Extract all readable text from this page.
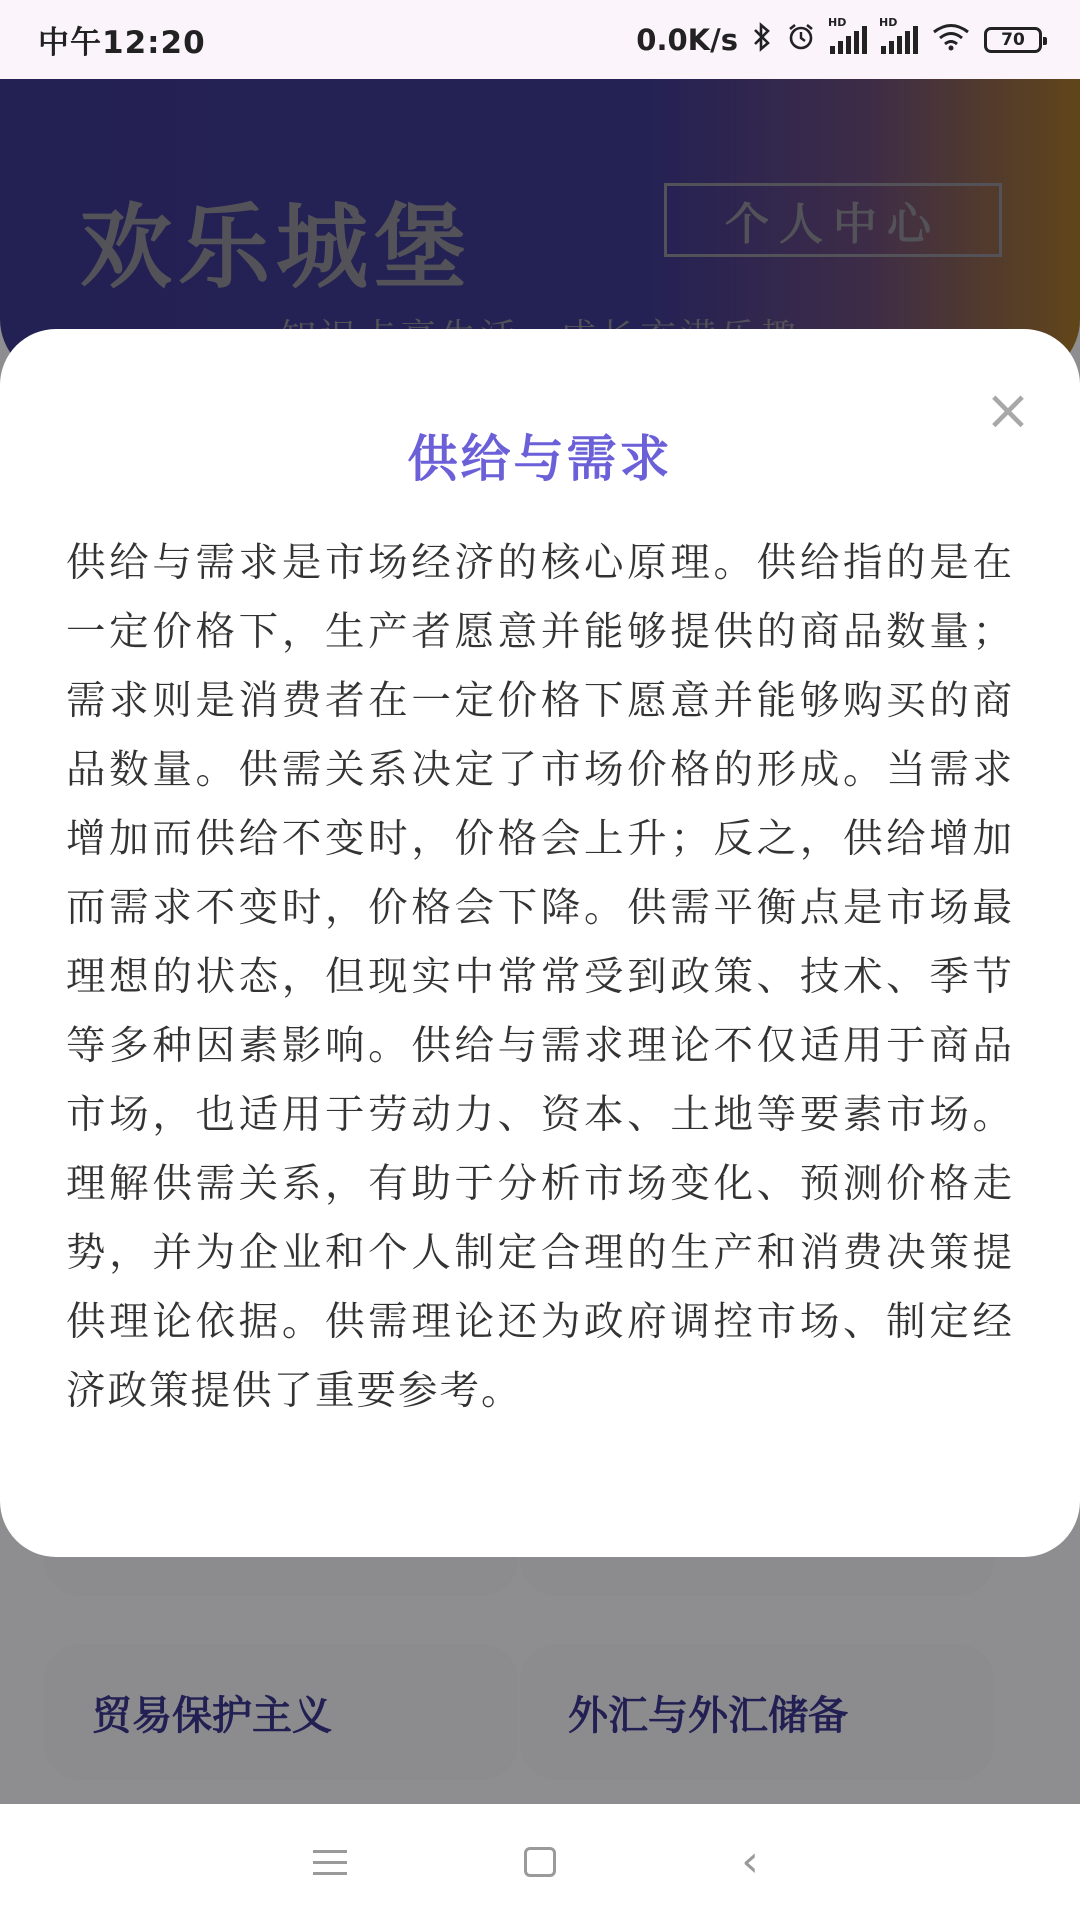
中午12:20	0.0K/s
HD	HD
70
欢乐城堡	个人中心
贸易保护主义	外汇与外汇储备
×
供给与需求
供给与需求是市场经济的核心原理。供给指的是在一定价格下，生产者愿意并能够提供的商品数量；需求则是消费者在一定价格下愿意并能够购买的商品数量。供需关系决定了市场价格的形成。当需求增加而供给不变时，价格会上升；反之，供给增加而需求不变时，价格会下降。供需平衡点是市场最理想的状态，但现实中常常受到政策、技术、季节等多种因素影响。供给与需求理论不仅适用于商品市场，也适用于劳动力、资本、土地等要素市场。理解供需关系，有助于分析市场变化、预测价格走势，并为企业和个人制定合理的生产和消费决策提供理论依据。供需理论还为政府调控市场、制定经济政策提供了重要参考。
‹
